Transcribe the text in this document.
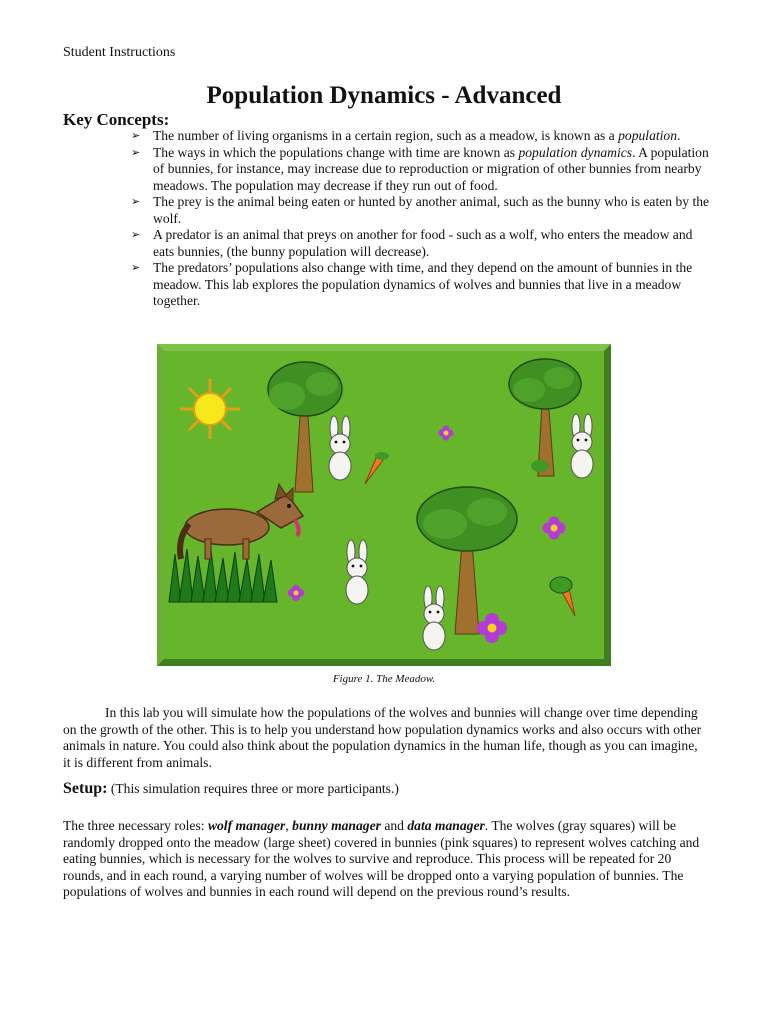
Student Instructions
Population Dynamics - Advanced
Key Concepts:
➢ The number of living organisms in a certain region, such as a meadow, is known as a population.
➢ The ways in which the populations change with time are known as population dynamics. A population of bunnies, for instance, may increase due to reproduction or migration of other bunnies from nearby meadows. The population may decrease if they run out of food.
➢ The prey is the animal being eaten or hunted by another animal, such as the bunny who is eaten by the wolf.
➢ A predator is an animal that preys on another for food - such as a wolf, who enters the meadow and eats bunnies, (the bunny population will decrease).
➢ The predators’ populations also change with time, and they depend on the amount of bunnies in the meadow. This lab explores the population dynamics of wolves and bunnies that live in a meadow together.
Figure 1. The Meadow.

In this lab you will simulate how the populations of the wolves and bunnies will change over time depending on the growth of the other. This is to help you understand how population dynamics works and also occurs with other animals in nature. You could also think about the population dynamics in the human life, though as you can imagine, it is different from animals.

Setup: (This simulation requires three or more participants.)

The three necessary roles: wolf manager, bunny manager and data manager. The wolves (gray squares) will be randomly dropped onto the meadow (large sheet) covered in bunnies (pink squares) to represent wolves catching and eating bunnies, which is necessary for the wolves to survive and reproduce. This process will be repeated for 20 rounds, and in each round, a varying number of wolves will be dropped onto a varying population of bunnies. The populations of wolves and bunnies in each round will depend on the previous round’s results.
